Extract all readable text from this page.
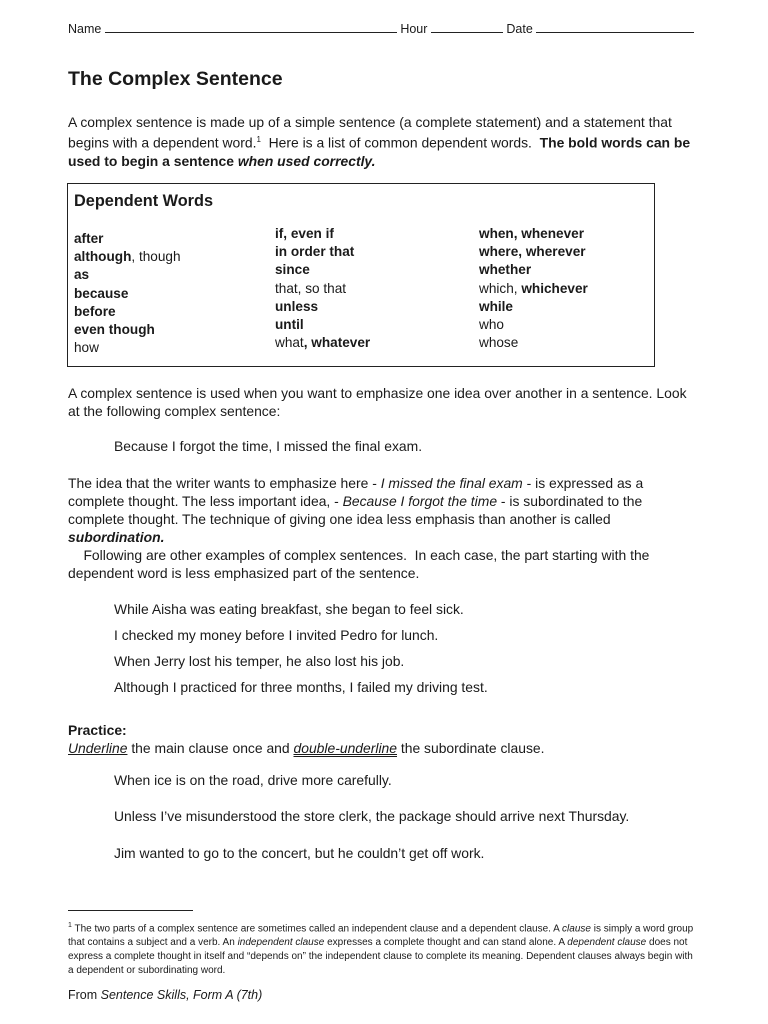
Name	Hour	Date
The Complex Sentence

A complex sentence is made up of a simple sentence (a complete statement) and a statement that begins with a dependent word.$^1$  Here is a list of common dependent words.  The bold words can be used to begin a sentence when used correctly.

Dependent Words
after
although, though
as
because
before
even though
how
if, even if
in order that
since
that, so that
unless
until
what, whatever
when, whenever
where, wherever
whether
which, whichever
while
who
whose

A complex sentence is used when you want to emphasize one idea over another in a sentence. Look at the following complex sentence:

Because I forgot the time, I missed the final exam.

The idea that the writer wants to emphasize here - I missed the final exam - is expressed as a complete thought. The less important idea, - Because I forgot the time - is subordinated to the complete thought. The technique of giving one idea less emphasis than another is called subordination.

Following are other examples of complex sentences.  In each case, the part starting with the dependent word is less emphasized part of the sentence.

While Aisha was eating breakfast, she began to feel sick.
I checked my money before I invited Pedro for lunch.
When Jerry lost his temper, he also lost his job.
Although I practiced for three months, I failed my driving test.
Practice:
Underline the main clause once and double-underline the subordinate clause.
When ice is on the road, drive more carefully.
Unless I’ve misunderstood the store clerk, the package should arrive next Thursday.
Jim wanted to go to the concert, but he couldn’t get off work.
$^1$ The two parts of a complex sentence are sometimes called an independent clause and a dependent clause. A clause is simply a word group that contains a subject and a verb. An independent clause expresses a complete thought and can stand alone. A dependent clause does not express a complete thought in itself and “depends on” the independent clause to complete its meaning. Dependent clauses always begin with a dependent or subordinating word.
From Sentence Skills, Form A (7th)
